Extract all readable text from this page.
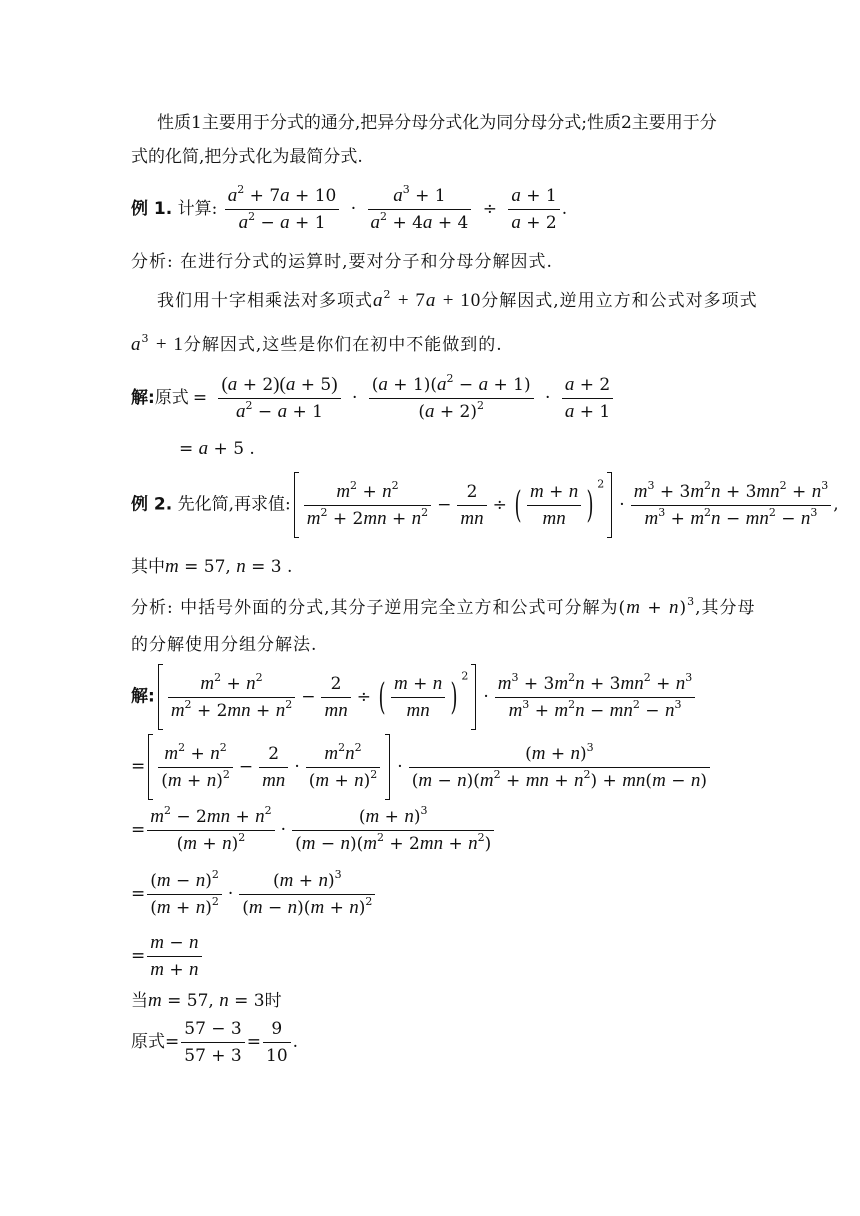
性质1主要用于分式的通分,把异分母分式化为同分母分式;性质2主要用于分
式的化简,把分式化为最简分式.
例 1. 计算: $\frac{a^2 + 7a + 10}{a^2 - a + 1} \cdot \frac{a^3 + 1}{a^2 + 4a + 4} \div \frac{a + 1}{a + 2}$ .
分析: 在进行分式的运算时,要对分子和分母分解因式.
我们用十字相乘法对多项式$a^2 + 7a + 10$分解因式,逆用立方和公式对多项式
$a^3 + 1$分解因式,这些是你们在初中不能做到的.
解:原式 = $\frac{(a + 2)(a + 5)}{a^2 - a + 1} \cdot \frac{(a + 1)(a^2 - a + 1)}{(a + 2)^2} \cdot \frac{a + 2}{a + 1}$
= a + 5 .
例 2. 先化简,再求值: $\frac{m^2 + n^2}{m^2 + 2mn + n^2} - \frac{2}{mn}$ ÷ ( $\frac{m + n}{mn} )^2\cdot \frac{m^3 + 3m^2n + 3mn^2 + n^3}{m^3 + m^2n - mn^2 - n^3}$ ,
其中m = 57, n = 3 .
分析: 中括号外面的分式,其分子逆用完全立方和公式可分解为$(m + n)^3$,其分母
的分解使用分组分解法.
解: $\frac{m^2 + n^2}{m^2 + 2mn + n^2} - \frac{2}{mn}$ ÷ ( $\frac{m + n}{mn} )^2\cdot \frac{m^3 + 3m^2n + 3mn^2 + n^3}{m^3 + m^2n - mn^2 - n^3}$
= $\frac{m^2 + n^2}{(m + n)^2} - \frac{2}{mn} \cdot \frac{m^2n^2}{(m + n)^2} \cdot \frac{(m + n)^3}{(m - n)(m^2 + mn + n^2) + mn(m - n)}$
= $\frac{m^2 - 2mn + n^2}{(m + n)^2} \cdot \frac{(m + n)^3}{(m - n)(m^2 + 2mn + n^2)}$
= $\frac{(m - n)^2}{(m + n)^2} \cdot \frac{(m + n)^3}{(m - n)(m + n)^2}$
= $\frac{m - n}{m + n}$
当m = 57, n = 3时
原式= $\frac{57 - 3}{57 + 3} = \frac{9}{10}$ .
